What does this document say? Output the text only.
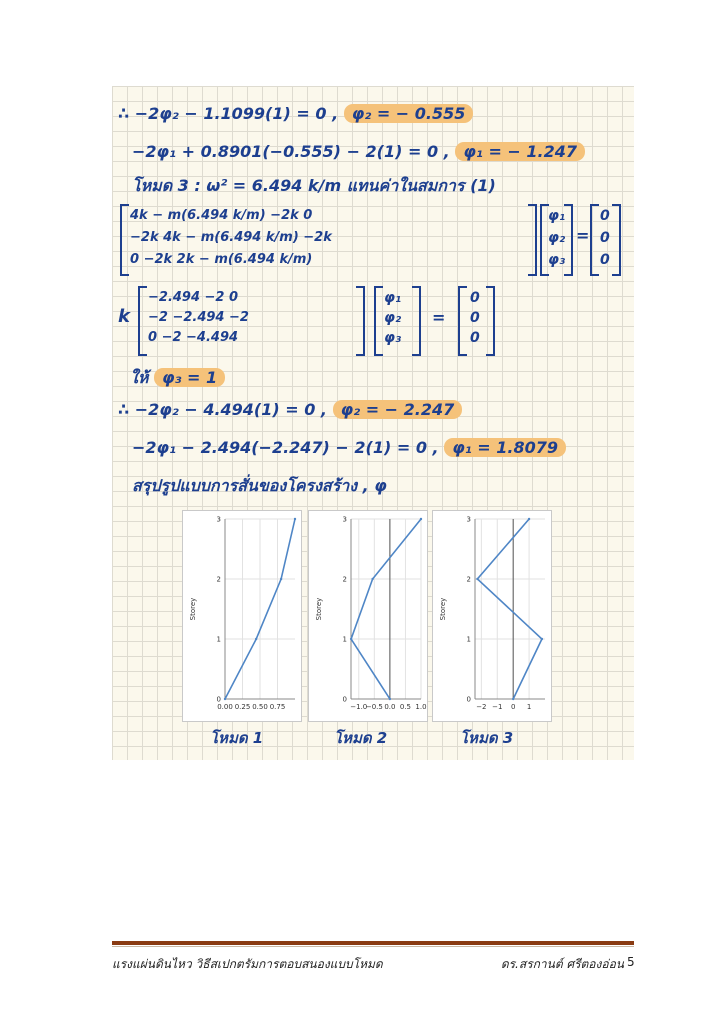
∴ −2φ₂ − 1.1099(1) = 0 , φ₂ = − 0.555
−2φ₁ + 0.8901(−0.555) − 2(1) = 0 , φ₁ = − 1.247
โหมด 3 : ω² = 6.494 k/m แทนค่าในสมการ (1)
4k − m(6.494 k/m) −2k 0
−2k 4k − m(6.494 k/m) −2k
0 −2k 2k − m(6.494 k/m)
φ₁
φ₂
φ₃
=
0
0
0
k
−2.494 −2 0
−2 −2.494 −2
0 −2 −4.494
φ₁
φ₂
φ₃
=
0
0
0
ให้ φ₃ = 1
∴ −2φ₂ − 4.494(1) = 0 , φ₂ = − 2.247
−2φ₁ − 2.494(−2.247) − 2(1) = 0 , φ₁ = 1.8079
สรุปรูปแบบการสั่นของโครงสร้าง , φ
0
1
2
3
0.00 0.25 0.50 0.75
Storey
0
1
2
3
−1.0
−0.5 0.0 0.5 1.0
Storey
0
1
2
3
−2 −1 0 1
Storey
โหมด 1	โหมด 2	โหมด 3
แรงแผ่นดินไหว วิธีสเปกตรัมการตอบสนองแบบโหมด	ดร.สรกานต์ ศรีตองอ่อน 5
